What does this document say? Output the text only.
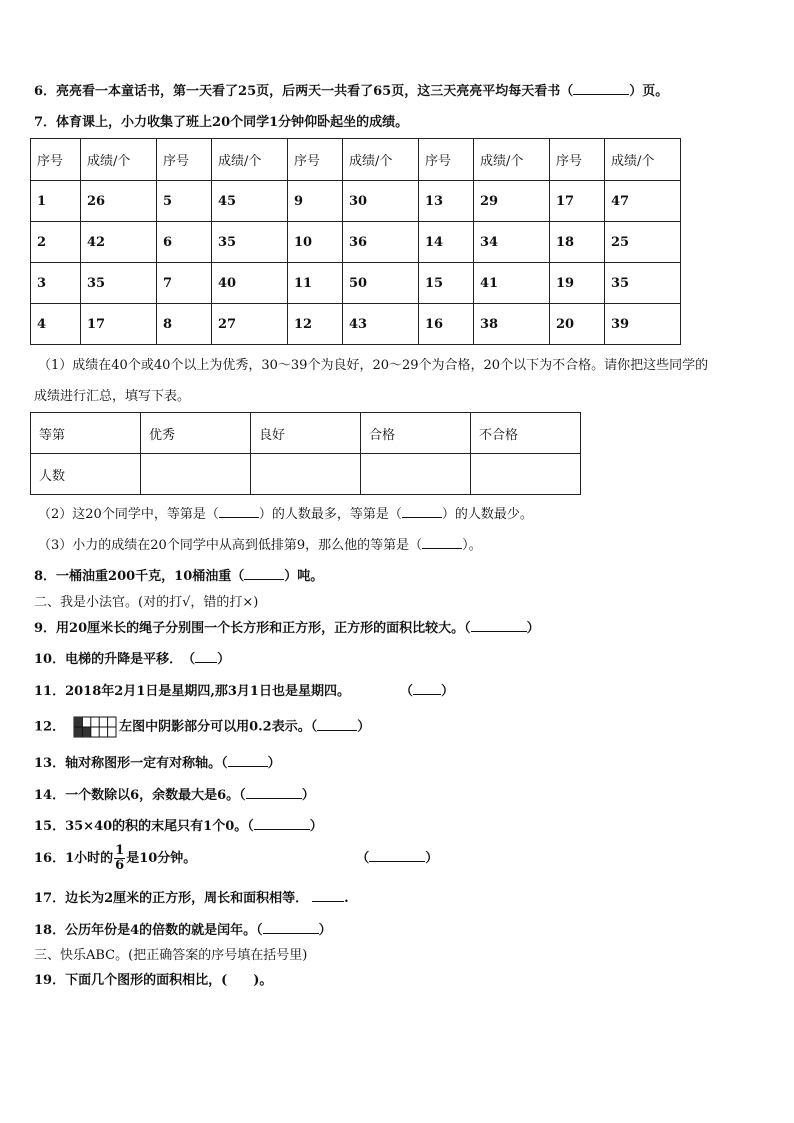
6．亮亮看一本童话书，第一天看了25页，后两天一共看了65页，这三天亮亮平均每天看书（	）页。
7．体育课上，小力收集了班上20个同学1分钟仰卧起坐的成绩。
序号	成绩/个	序号	成绩/个	序号	成绩/个	序号	成绩/个	序号	成绩/个
1	26	5	45	9	30	13	29	17	47
2	42	6	35	10	36	14	34	18	25
3	35	7	40	11	50	15	41	19	35
4	17	8	27	12	43	16	38	20	39
（1）成绩在40个或40个以上为优秀，30～39个为良好，20～29个为合格，20个以下为不合格。请你把这些同学的
成绩进行汇总，填写下表。
等第	优秀	良好	合格	不合格
人数				
（2）这20个同学中，等第是（	）的人数最多，等第是（	）的人数最少。
（3）小力的成绩在20个同学中从高到低排第9，那么他的等第是（	）。
8．一桶油重200千克，10桶油重（	）吨。
二、我是小法官。(对的打√，错的打×)
9．用20厘米长的绳子分别围一个长方形和正方形，正方形的面积比较大。（	）
10．电梯的升降是平移．　（ ）
11．2018年2月1日是星期四,那3月1日也是星期四。	（ ）
12．	左图中阴影部分可以用0.2表示。（	）
13．轴对称图形一定有对称轴。（	）
14．一个数除以6，余数最大是6。（	）
15．35×40的积的末尾只有1个0。（	）
16．1小时的 $\frac{1}{6}$ 是10分钟。	（	）
17．边长为2厘米的正方形，周长和面积相等．	.
18．公历年份是4的倍数的就是闰年。（	）
三、快乐ABC。(把正确答案的序号填在括号里)
19．下面几个图形的面积相比，(　　)。
